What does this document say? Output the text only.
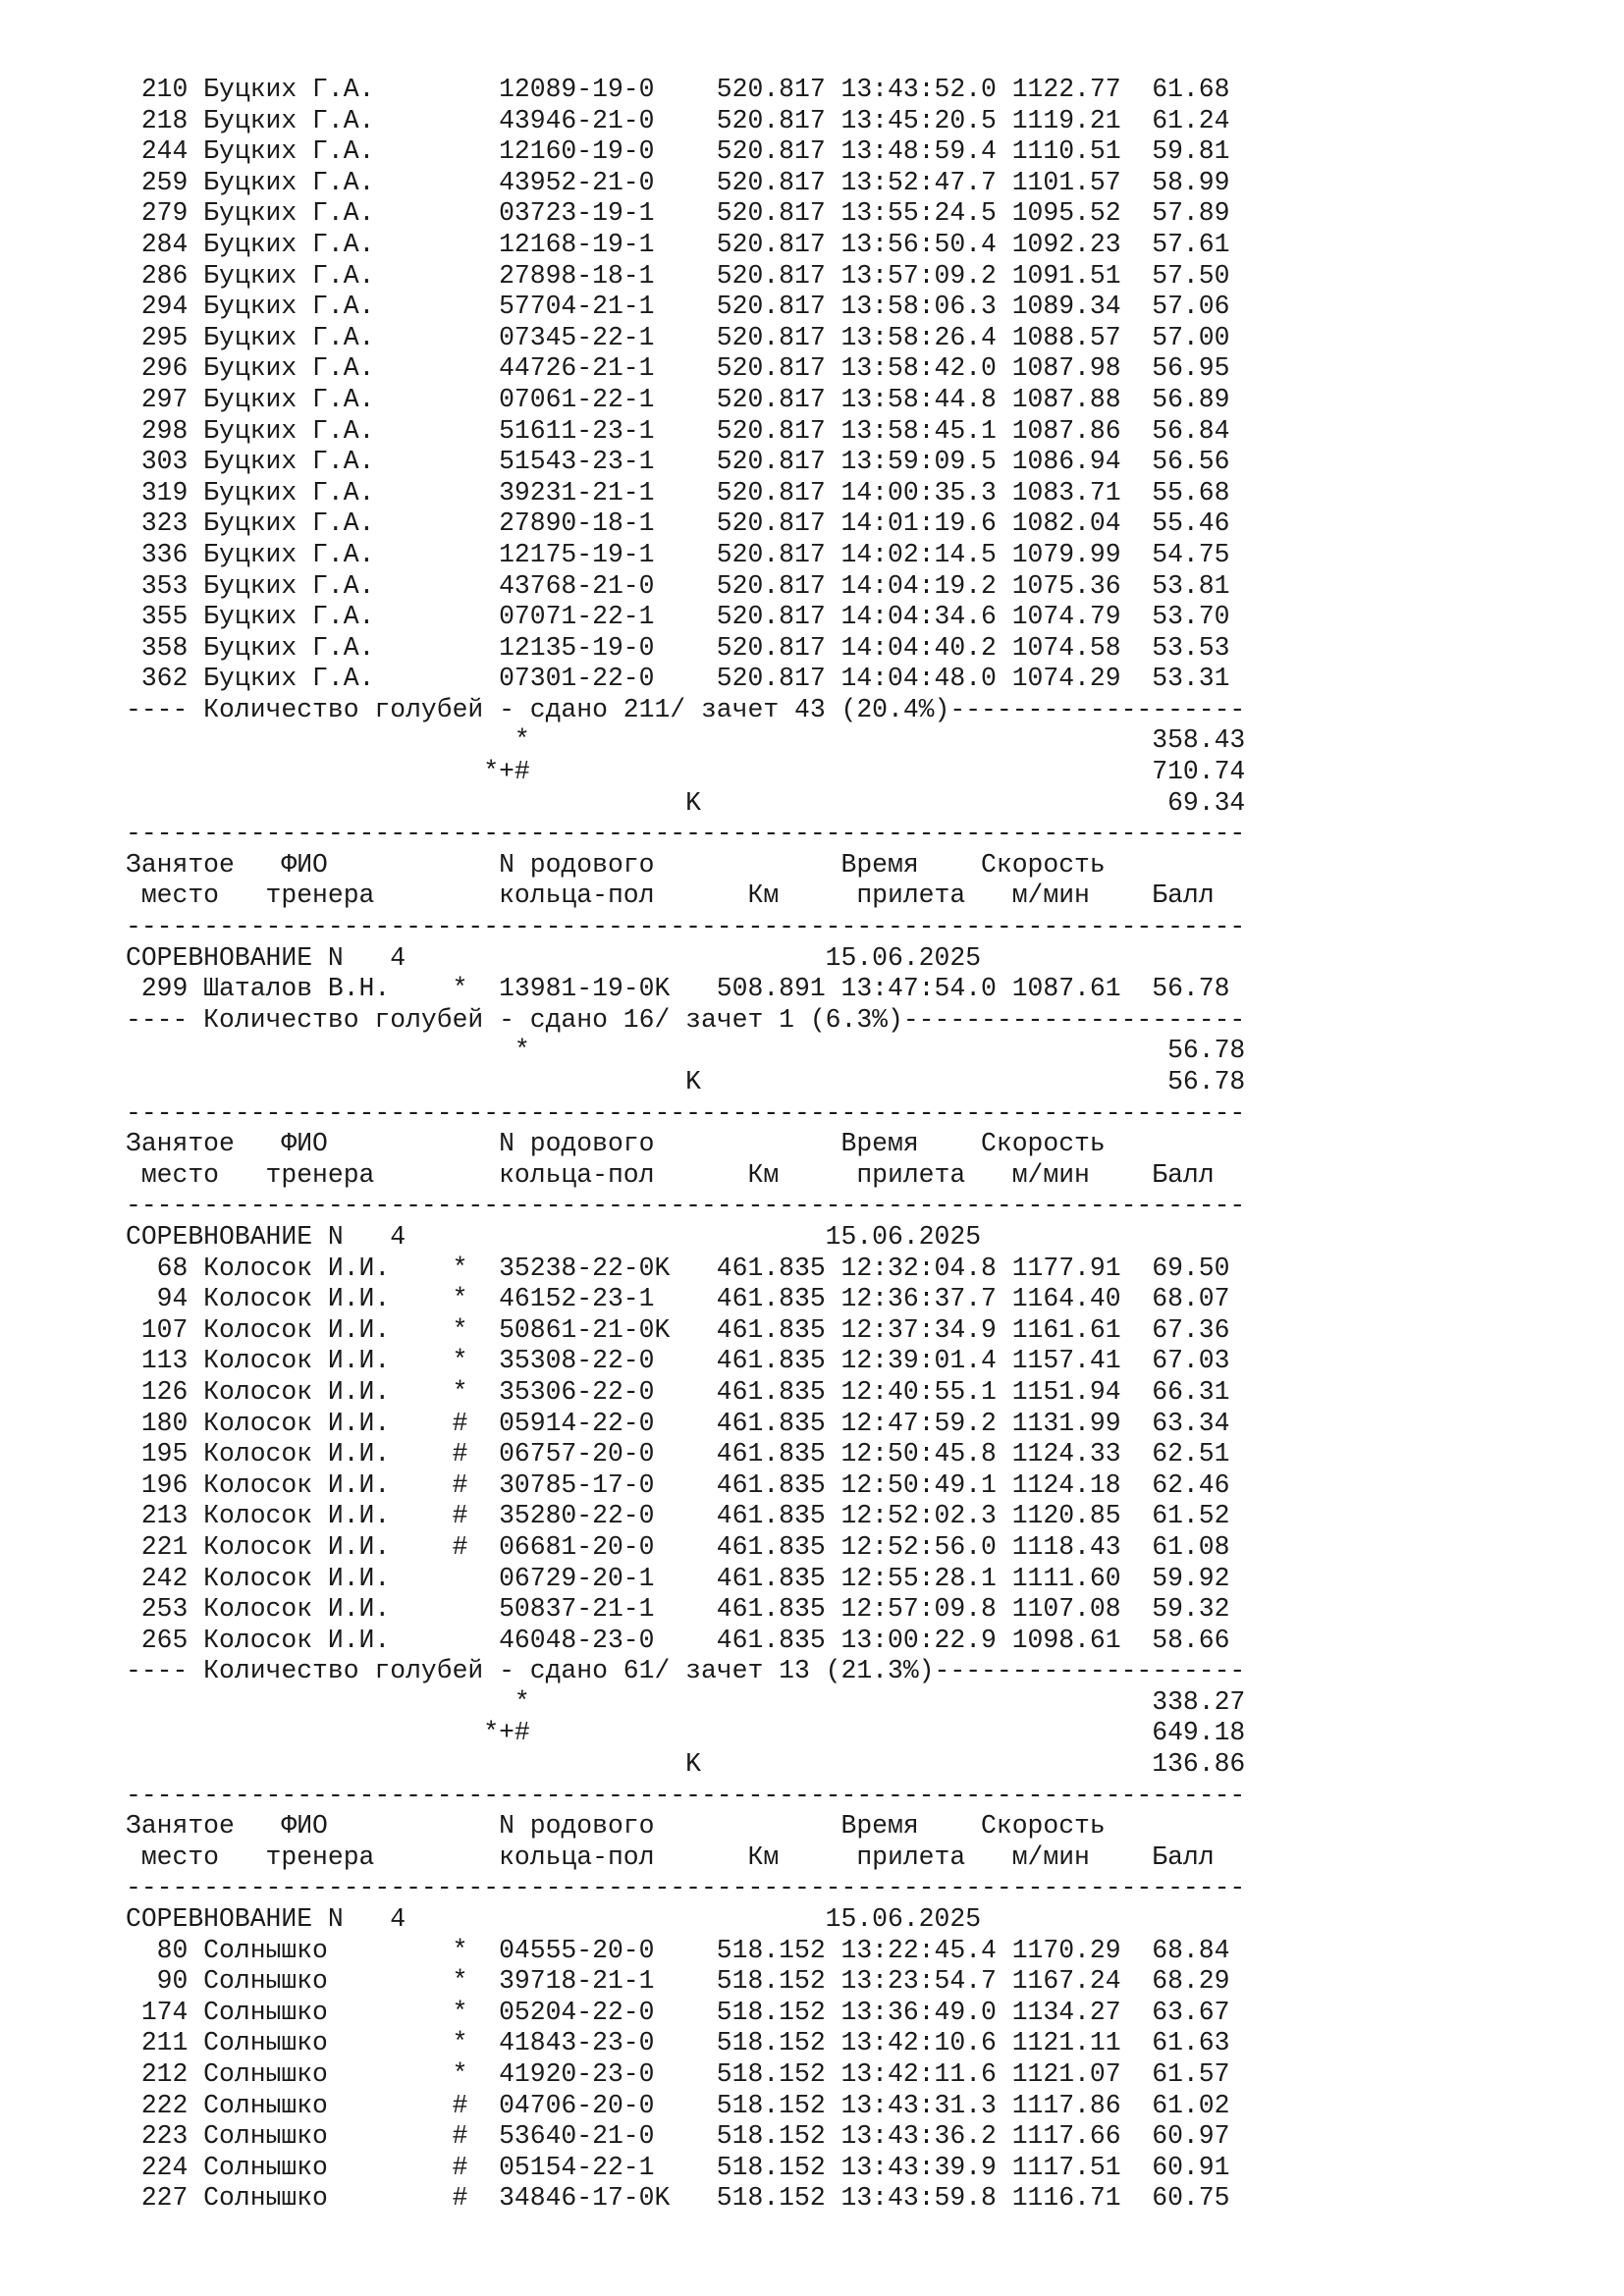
210 Буцких Г.А.        12089-19-0    520.817 13:43:52.0 1122.77  61.68
218 Буцких Г.А.        43946-21-0    520.817 13:45:20.5 1119.21  61.24
244 Буцких Г.А.        12160-19-0    520.817 13:48:59.4 1110.51  59.81
259 Буцких Г.А.        43952-21-0    520.817 13:52:47.7 1101.57  58.99
279 Буцких Г.А.        03723-19-1    520.817 13:55:24.5 1095.52  57.89
284 Буцких Г.А.        12168-19-1    520.817 13:56:50.4 1092.23  57.61
286 Буцких Г.А.        27898-18-1    520.817 13:57:09.2 1091.51  57.50
294 Буцких Г.А.        57704-21-1    520.817 13:58:06.3 1089.34  57.06
295 Буцких Г.А.        07345-22-1    520.817 13:58:26.4 1088.57  57.00
296 Буцких Г.А.        44726-21-1    520.817 13:58:42.0 1087.98  56.95
297 Буцких Г.А.        07061-22-1    520.817 13:58:44.8 1087.88  56.89
298 Буцких Г.А.        51611-23-1    520.817 13:58:45.1 1087.86  56.84
303 Буцких Г.А.        51543-23-1    520.817 13:59:09.5 1086.94  56.56
319 Буцких Г.А.        39231-21-1    520.817 14:00:35.3 1083.71  55.68
323 Буцких Г.А.        27890-18-1    520.817 14:01:19.6 1082.04  55.46
336 Буцких Г.А.        12175-19-1    520.817 14:02:14.5 1079.99  54.75
353 Буцких Г.А.        43768-21-0    520.817 14:04:19.2 1075.36  53.81
355 Буцких Г.А.        07071-22-1    520.817 14:04:34.6 1074.79  53.70
358 Буцких Г.А.        12135-19-0    520.817 14:04:40.2 1074.58  53.53
362 Буцких Г.А.        07301-22-0    520.817 14:04:48.0 1074.29  53.31
---- Количество голубей - сдано 211/ зачет 43 (20.4%)-------------------
*                                        358.43
*+#                                        710.74
K                              69.34
------------------------------------------------------------------------
Занятое   ФИО           N родового            Время    Скорость
место   тренера        кольца-пол      Км     прилета   м/мин    Балл
------------------------------------------------------------------------
СОРЕВНОВАНИЕ N   4                           15.06.2025
299 Шаталов В.Н.    *  13981-19-0K   508.891 13:47:54.0 1087.61  56.78
---- Количество голубей - сдано 16/ зачет 1 (6.3%)----------------------
*                                         56.78
K                              56.78
------------------------------------------------------------------------
Занятое   ФИО           N родового            Время    Скорость
место   тренера        кольца-пол      Км     прилета   м/мин    Балл
------------------------------------------------------------------------
СОРЕВНОВАНИЕ N   4                           15.06.2025
68 Колосок И.И.    *  35238-22-0K   461.835 12:32:04.8 1177.91  69.50
94 Колосок И.И.    *  46152-23-1    461.835 12:36:37.7 1164.40  68.07
107 Колосок И.И.    *  50861-21-0K   461.835 12:37:34.9 1161.61  67.36
113 Колосок И.И.    *  35308-22-0    461.835 12:39:01.4 1157.41  67.03
126 Колосок И.И.    *  35306-22-0    461.835 12:40:55.1 1151.94  66.31
180 Колосок И.И.    #  05914-22-0    461.835 12:47:59.2 1131.99  63.34
195 Колосок И.И.    #  06757-20-0    461.835 12:50:45.8 1124.33  62.51
196 Колосок И.И.    #  30785-17-0    461.835 12:50:49.1 1124.18  62.46
213 Колосок И.И.    #  35280-22-0    461.835 12:52:02.3 1120.85  61.52
221 Колосок И.И.    #  06681-20-0    461.835 12:52:56.0 1118.43  61.08
242 Колосок И.И.       06729-20-1    461.835 12:55:28.1 1111.60  59.92
253 Колосок И.И.       50837-21-1    461.835 12:57:09.8 1107.08  59.32
265 Колосок И.И.       46048-23-0    461.835 13:00:22.9 1098.61  58.66
---- Количество голубей - сдано 61/ зачет 13 (21.3%)--------------------
*                                        338.27
*+#                                        649.18
K                             136.86
------------------------------------------------------------------------
Занятое   ФИО           N родового            Время    Скорость
место   тренера        кольца-пол      Км     прилета   м/мин    Балл
------------------------------------------------------------------------
СОРЕВНОВАНИЕ N   4                           15.06.2025
80 Солнышко        *  04555-20-0    518.152 13:22:45.4 1170.29  68.84
90 Солнышко        *  39718-21-1    518.152 13:23:54.7 1167.24  68.29
174 Солнышко        *  05204-22-0    518.152 13:36:49.0 1134.27  63.67
211 Солнышко        *  41843-23-0    518.152 13:42:10.6 1121.11  61.63
212 Солнышко        *  41920-23-0    518.152 13:42:11.6 1121.07  61.57
222 Солнышко        #  04706-20-0    518.152 13:43:31.3 1117.86  61.02
223 Солнышко        #  53640-21-0    518.152 13:43:36.2 1117.66  60.97
224 Солнышко        #  05154-22-1    518.152 13:43:39.9 1117.51  60.91
227 Солнышко        #  34846-17-0K   518.152 13:43:59.8 1116.71  60.75
